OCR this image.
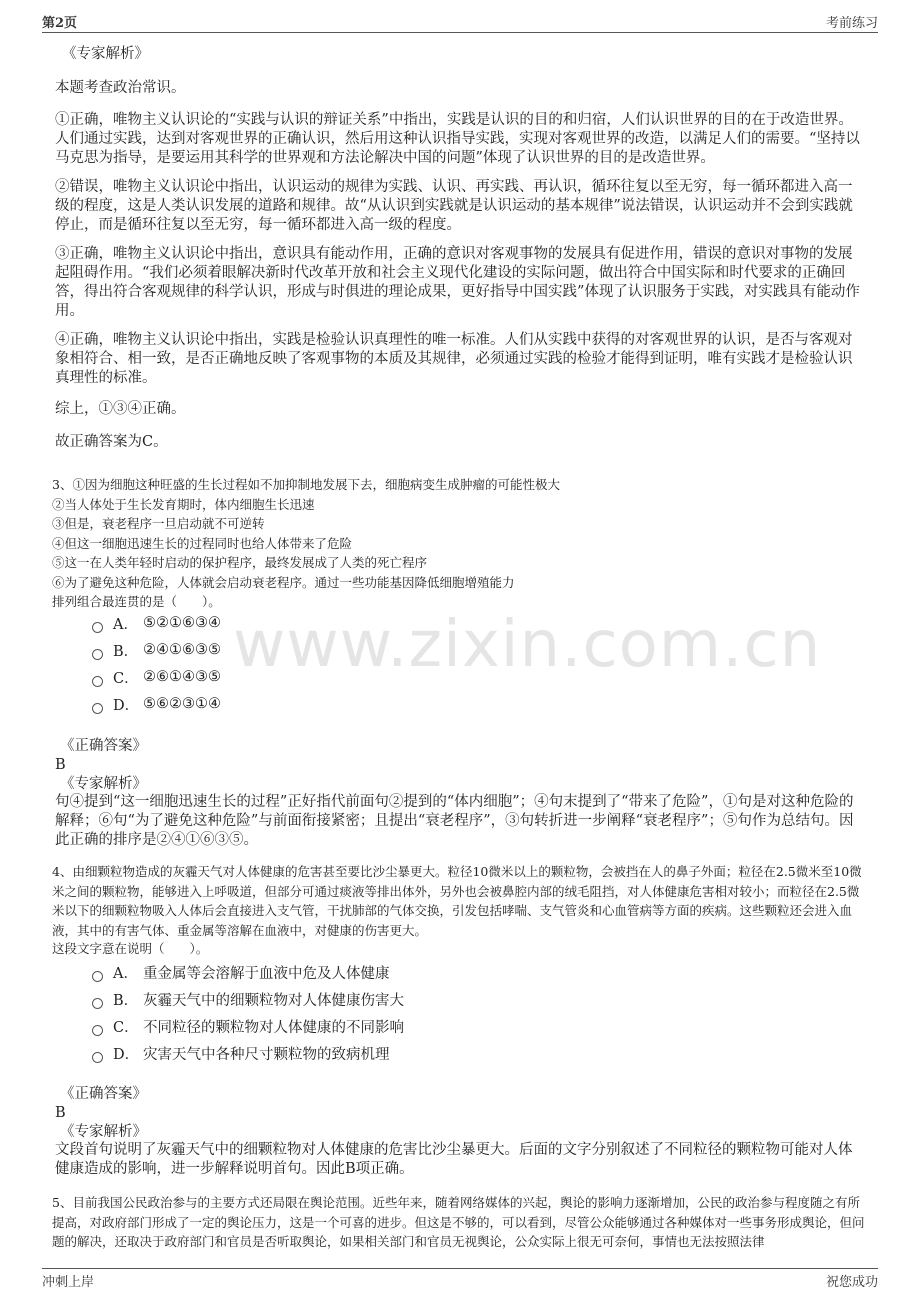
第2页	考前练习
www.zixin.com.cn
《专家解析》

本题考查政治常识。

①正确，唯物主义认识论的“实践与认识的辩证关系”中指出，实践是认识的目的和归宿，人们认识世界的目的在于改造世界。人们通过实践，达到对客观世界的正确认识，然后用这种认识指导实践，实现对客观世界的改造，以满足人们的需要。“坚持以马克思为指导，是要运用其科学的世界观和方法论解决中国的问题”体现了认识世界的目的是改造世界。

②错误，唯物主义认识论中指出，认识运动的规律为实践、认识、再实践、再认识，循环往复以至无穷，每一循环都进入高一级的程度，这是人类认识发展的道路和规律。故“从认识到实践就是认识运动的基本规律”说法错误，认识运动并不会到实践就停止，而是循环往复以至无穷，每一循环都进入高一级的程度。

③正确，唯物主义认识论中指出，意识具有能动作用，正确的意识对客观事物的发展具有促进作用，错误的意识对事物的发展起阻碍作用。“我们必须着眼解决新时代改革开放和社会主义现代化建设的实际问题，做出符合中国实际和时代要求的正确回答，得出符合客观规律的科学认识，形成与时俱进的理论成果，更好指导中国实践”体现了认识服务于实践，对实践具有能动作用。

④正确，唯物主义认识论中指出，实践是检验认识真理性的唯一标准。人们从实践中获得的对客观世界的认识，是否与客观对象相符合、相一致，是否正确地反映了客观事物的本质及其规律，必须通过实践的检验才能得到证明，唯有实践才是检验认识真理性的标准。

综上，①③④正确。

故正确答案为C。

3、①因为细胞这种旺盛的生长过程如不加抑制地发展下去，细胞病变生成肿瘤的可能性极大
②当人体处于生长发育期时，体内细胞生长迅速
③但是，衰老程序一旦启动就不可逆转
④但这一细胞迅速生长的过程同时也给人体带来了危险
⑤这一在人类年轻时启动的保护程序，最终发展成了人类的死亡程序
⑥为了避免这种危险，人体就会启动衰老程序。通过一些功能基因降低细胞增殖能力
排列组合最连贯的是（　　）。
A． ⑤②①⑥③④
B． ②④①⑥③⑤
C． ②⑥①④③⑤
D． ⑤⑥②③①④
《正确答案》
B
《专家解析》

句④提到“这一细胞迅速生长的过程”正好指代前面句②提到的“体内细胞”；④句末提到了“带来了危险”，①句是对这种危险的解释；⑥句“为了避免这种危险”与前面衔接紧密；且提出“衰老程序”，③句转折进一步阐释“衰老程序”；⑤句作为总结句。因此正确的排序是②④①⑥③⑤。

4、由细颗粒物造成的灰霾天气对人体健康的危害甚至要比沙尘暴更大。粒径10微米以上的颗粒物，会被挡在人的鼻子外面；粒径在2.5微米至10微米之间的颗粒物，能够进入上呼吸道，但部分可通过痰液等排出体外，另外也会被鼻腔内部的绒毛阻挡，对人体健康危害相对较小；而粒径在2.5微米以下的细颗粒物吸入人体后会直接进入支气管，干扰肺部的气体交换，引发包括哮喘、支气管炎和心血管病等方面的疾病。这些颗粒还会进入血液，其中的有害气体、重金属等溶解在血液中，对健康的伤害更大。

这段文字意在说明（　　）。

A． 重金属等会溶解于血液中危及人体健康
B． 灰霾天气中的细颗粒物对人体健康伤害大
C． 不同粒径的颗粒物对人体健康的不同影响
D． 灾害天气中各种尺寸颗粒物的致病机理
《正确答案》
B
《专家解析》

文段首句说明了灰霾天气中的细颗粒物对人体健康的危害比沙尘暴更大。后面的文字分别叙述了不同粒径的颗粒物可能对人体健康造成的影响，进一步解释说明首句。因此B项正确。

5、目前我国公民政治参与的主要方式还局限在舆论范围。近些年来，随着网络媒体的兴起，舆论的影响力逐渐增加，公民的政治参与程度随之有所提高，对政府部门形成了一定的舆论压力，这是一个可喜的进步。但这是不够的，可以看到，尽管公众能够通过各种媒体对一些事务形成舆论，但问题的解决，还取决于政府部门和官员是否听取舆论，如果相关部门和官员无视舆论，公众实际上很无可奈何，事情也无法按照法律

冲刺上岸	祝您成功
